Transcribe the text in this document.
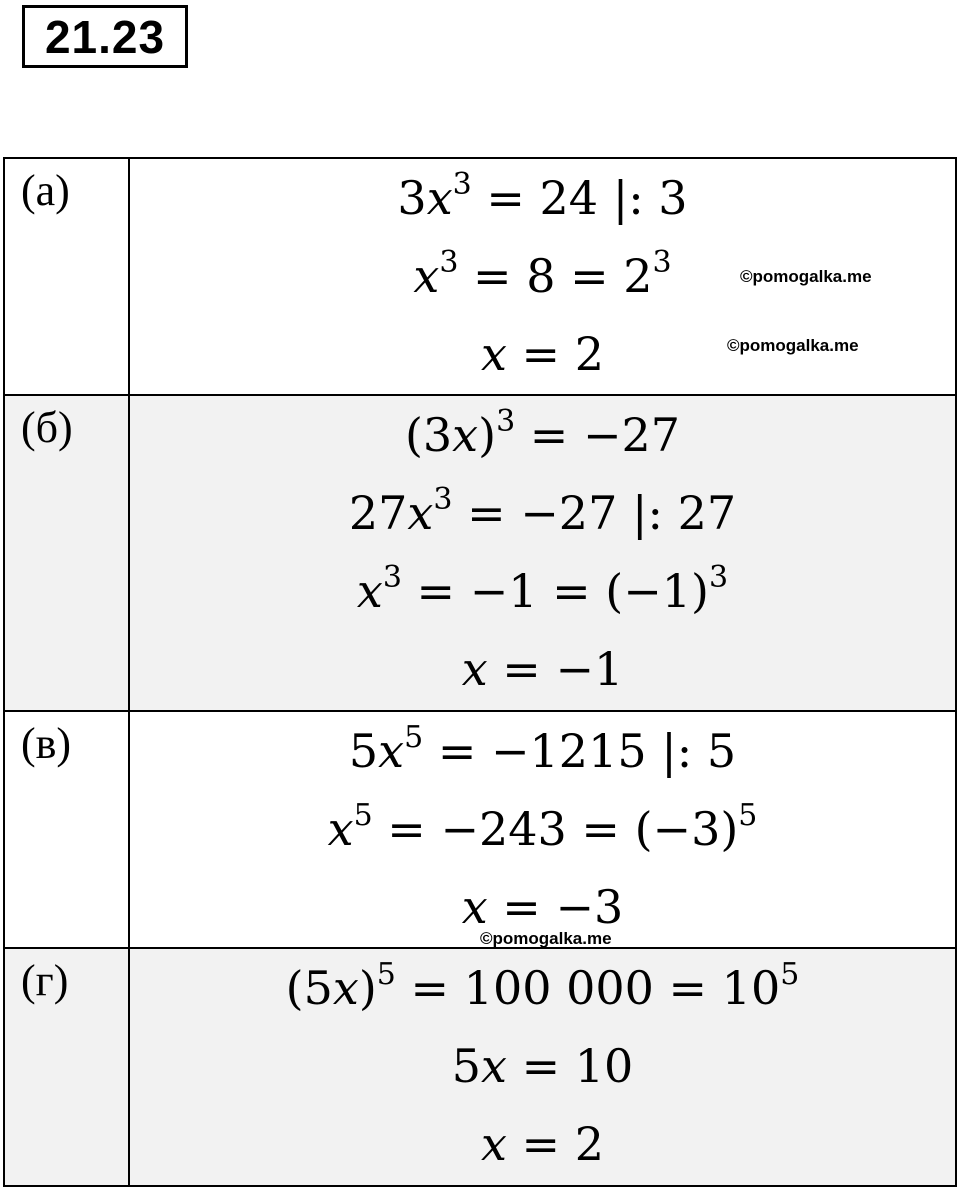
21.23
(а)	$3x^3 = 24$ |: 3
$x^3 = 8 = 2^3$
x = 2

(б)	$(3x)^3 = -27$
$27x^3 = -27$ |: 27
$x^3 = -1 = (-1)^3$
x = −1

(в)	$5x^5 = -1215$ |: 5
$x^5 = -243 = (-3)^5$
x = −3

(г)	$(5x)^5 = 100$ $000 = 10^5$
5x = 10
x = 2
©pomogalka.me
©pomogalka.me
©pomogalka.me
